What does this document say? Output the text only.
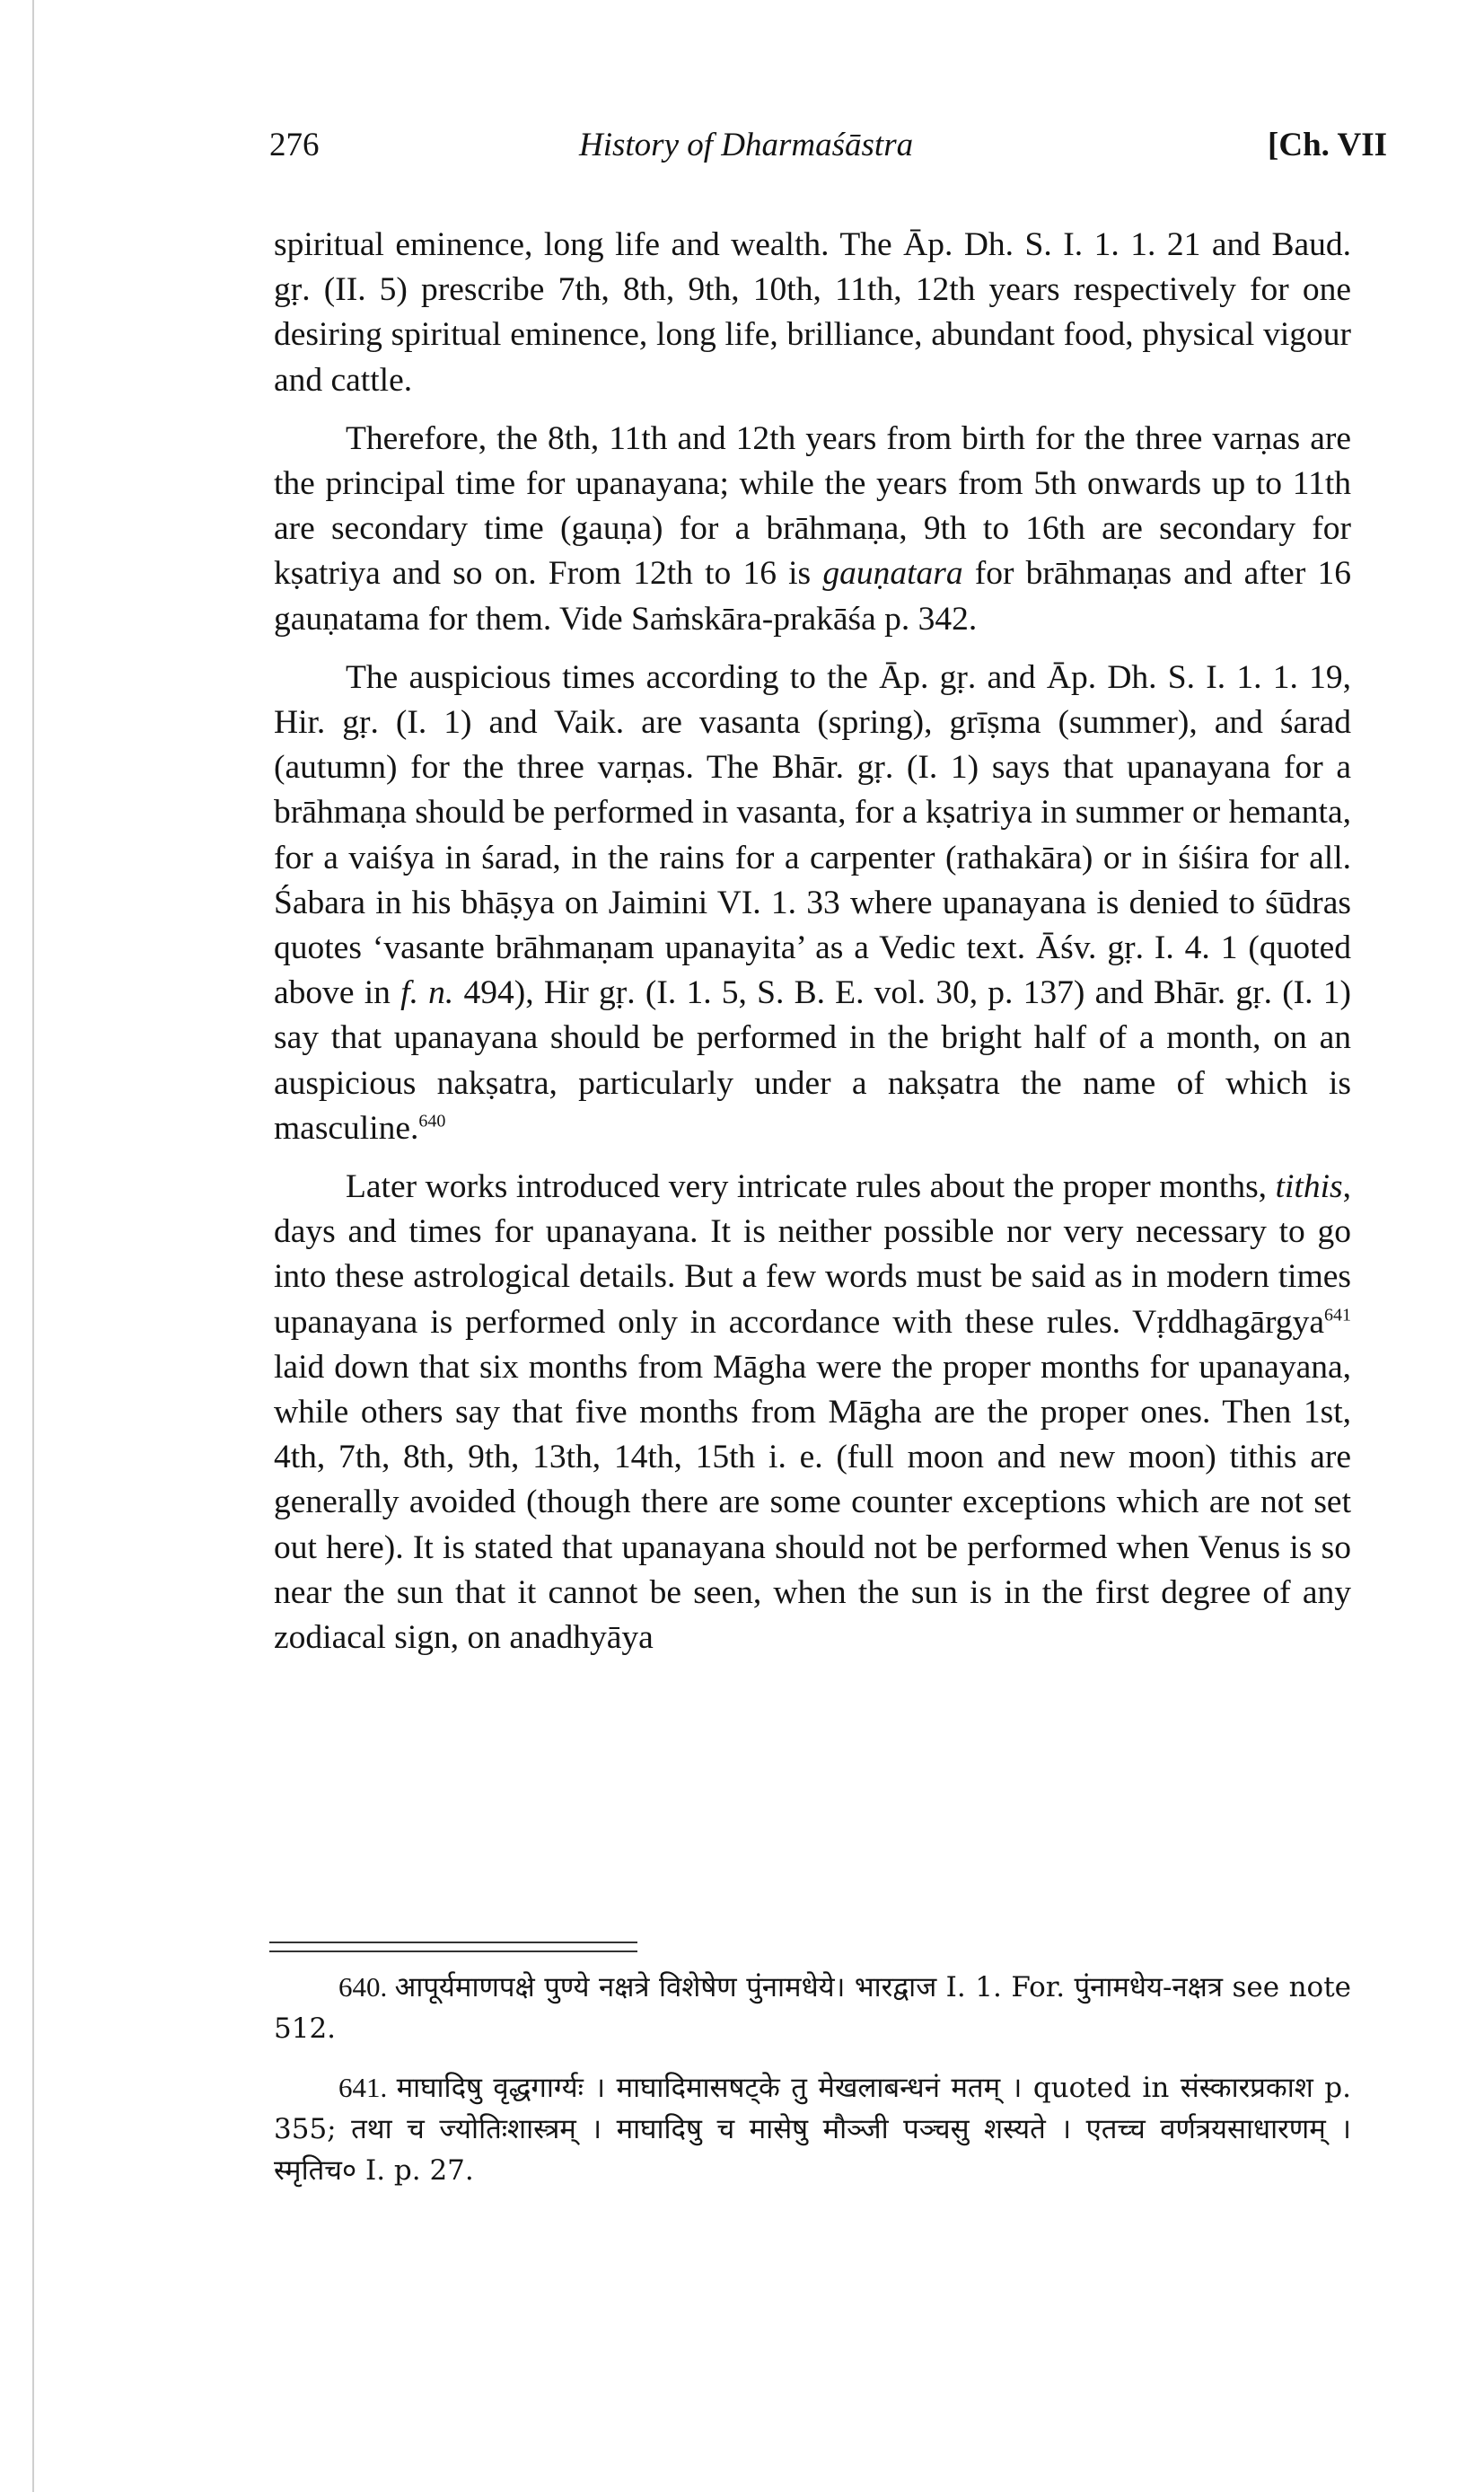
276	History of Dharmaśāstra	[Ch. VII

spiritual eminence, long life and wealth. The Āp. Dh. S. I. 1. 1. 21 and Baud. gṛ. (II. 5) prescribe 7th, 8th, 9th, 10th, 11th, 12th years respectively for one desiring spiritual eminence, long life, brilliance, abundant food, physical vigour and cattle.

Therefore, the 8th, 11th and 12th years from birth for the three varṇas are the principal time for upanayana; while the years from 5th onwards up to 11th are secondary time (gauṇa) for a brāhmaṇa, 9th to 16th are secondary for kṣatriya and so on. From 12th to 16 is gauṇatara for brāhmaṇas and after 16 gauṇatama for them. Vide Saṁskāra-prakāśa p. 342.

The auspicious times according to the Āp. gṛ. and Āp. Dh. S. I. 1. 1. 19, Hir. gṛ. (I. 1) and Vaik. are vasanta (spring), grīṣma (summer), and śarad (autumn) for the three varṇas. The Bhār. gṛ. (I. 1) says that upanayana for a brāhmaṇa should be performed in vasanta, for a kṣatriya in summer or hemanta, for a vaiśya in śarad, in the rains for a carpenter (rathakāra) or in śiśira for all. Śabara in his bhāṣya on Jaimini VI. 1. 33 where upanayana is denied to śūdras quotes ‘vasante brāhmaṇam upanayita’ as a Vedic text. Āśv. gṛ. I. 4. 1 (quoted above in f. n. 494), Hir gṛ. (I. 1. 5, S. B. E. vol. 30, p. 137) and Bhār. gṛ. (I. 1) say that upanayana should be performed in the bright half of a month, on an auspicious nakṣatra, particularly under a nakṣatra the name of which is masculine.$^{640}$

Later works introduced very intricate rules about the proper months, tithis, days and times for upanayana. It is neither possible nor very necessary to go into these astrological details. But a few words must be said as in modern times upanayana is performed only in accordance with these rules. Vṛddhagārgya$^{641}$ laid down that six months from Māgha were the proper months for upanayana, while others say that five months from Māgha are the proper ones. Then 1st, 4th, 7th, 8th, 9th, 13th, 14th, 15th i. e. (full moon and new moon) tithis are generally avoided (though there are some counter exceptions which are not set out here). It is stated that upanayana should not be performed when Venus is so near the sun that it cannot be seen, when the sun is in the first degree of any zodiacal sign, on anadhyāya

640. आपूर्यमाणपक्षे पुण्ये नक्षत्रे विशेषेण पुंनामधेये। भारद्वाज I. 1. For. पुंनामधेय-नक्षत्र see note 512.

641. माघादिषु वृद्धगार्ग्यः । माघादिमासषट्के तु मेखलाबन्धनं मतम् । quoted in संस्कारप्रकाश p. 355; तथा च ज्योतिःशास्त्रम् । माघादिषु च मासेषु मौञ्जी पञ्चसु शस्यते । एतच्च वर्णत्रयसाधारणम् । स्मृतिच० I. p. 27.
